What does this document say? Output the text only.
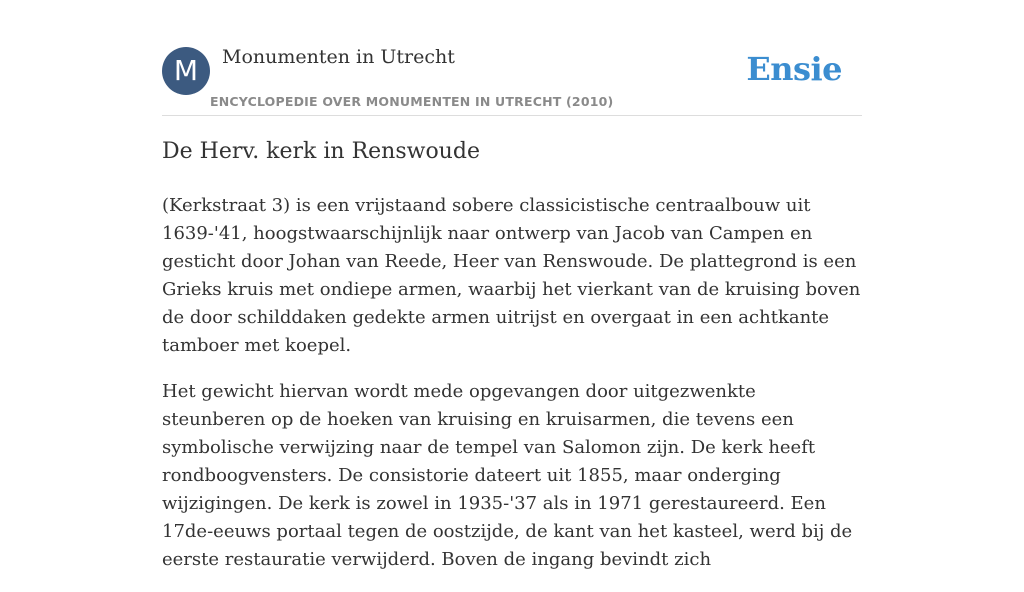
M	Monumenten in Utrecht
ENCYCLOPEDIE OVER MONUMENTEN IN UTRECHT (2010)
Ensie
De Herv. kerk in Renswoude

(Kerkstraat 3) is een vrijstaand sobere classicistische centraalbouw uit 1639-'41, hoogstwaarschijnlijk naar ontwerp van Jacob van Campen en gesticht door Johan van Reede, Heer van Renswoude. De plattegrond is een Grieks kruis met ondiepe armen, waarbij het vierkant van de kruising boven de door schilddaken gedekte armen uitrijst en overgaat in een achtkante tamboer met koepel.

Het gewicht hiervan wordt mede opgevangen door uitgezwenkte steunberen op de hoeken van kruising en kruisarmen, die tevens een symbolische verwijzing naar de tempel van Salomon zijn. De kerk heeft rondboogvensters. De consistorie dateert uit 1855, maar onderging wijzigingen. De kerk is zowel in 1935-'37 als in 1971 gerestaureerd. Een 17de-eeuws portaal tegen de oostzijde, de kant van het kasteel, werd bij de eerste restauratie verwijderd. Boven de ingang bevindt zich
